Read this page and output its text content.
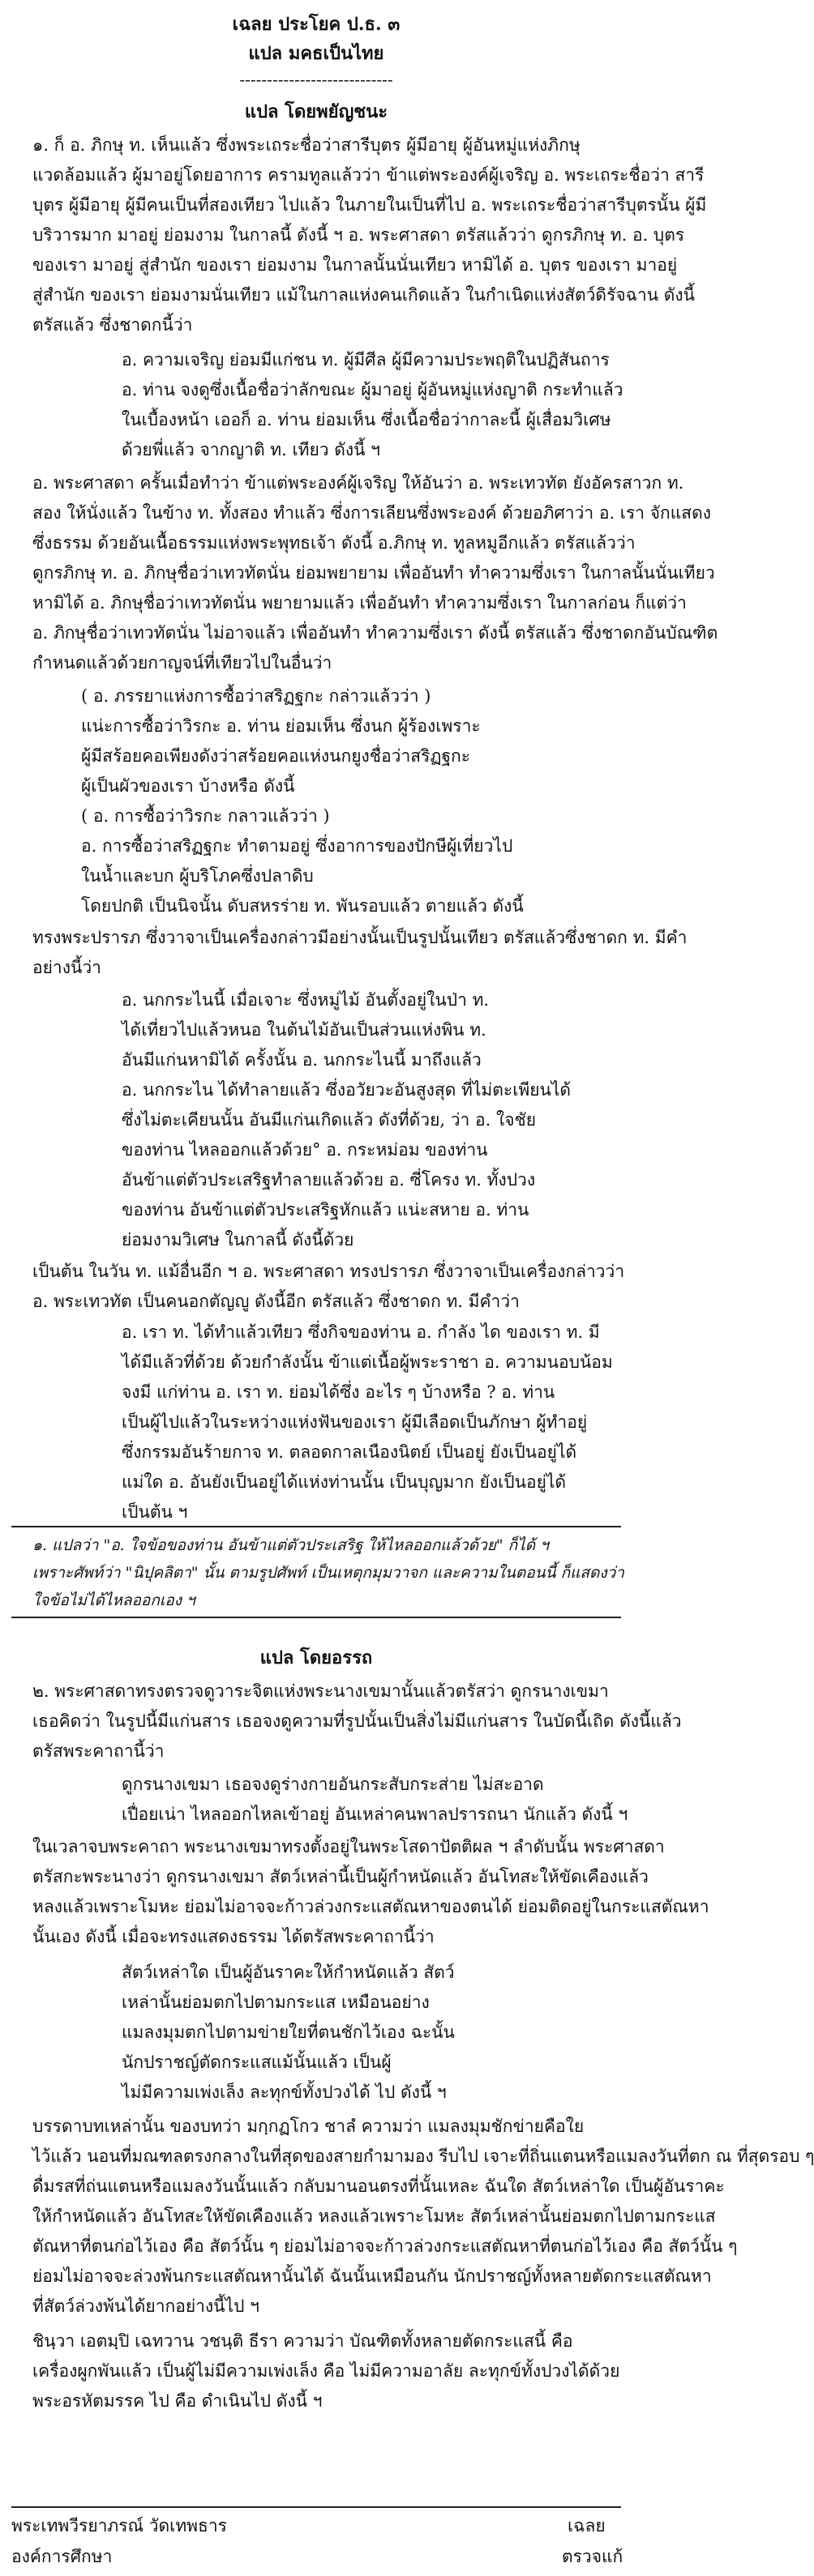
เฉลย ประโยค ป.ธ. ๓
แปล มคธเป็นไทย
----------------------------
แปล โดยพยัญชนะ
๑. ก็ อ. ภิกษุ ท. เห็นแล้ว ซึ่งพระเถระชื่อว่าสารีบุตร ผู้มีอายุ ผู้อันหมู่แห่งภิกษุ
แวดล้อมแล้ว ผู้มาอยู่โดยอาการ ครามทูลแล้วว่า ข้าแต่พระองค์ผู้เจริญ อ. พระเถระชื่อว่า สารี
บุตร ผู้มีอายุ ผู้มีคนเป็นที่สองเทียว ไปแล้ว ในภายในเป็นที่ไป อ. พระเถระชื่อว่าสารีบุตรนั้น ผู้มี
บริวารมาก มาอยู่ ย่อมงาม ในกาลนี้ ดังนี้ ฯ อ. พระศาสดา ตรัสแล้วว่า ดูกรภิกษุ ท. อ. บุตร
ของเรา มาอยู่ สู่สำนัก ของเรา ย่อมงาม ในกาลนั้นนั่นเทียว หามิได้ อ. บุตร ของเรา มาอยู่
สู่สำนัก ของเรา ย่อมงามนั่นเทียว แม้ในกาลแห่งคนเกิดแล้ว ในกำเนิดแห่งสัตว์ดิรัจฉาน ดังนี้
ตรัสแล้ว ซึ่งชาดกนี้ว่า
อ. ความเจริญ ย่อมมีแก่ชน ท. ผู้มีศีล ผู้มีความประพฤติในปฏิสันถาร
อ. ท่าน จงดูซึ่งเนื้อชื่อว่าลักขณะ ผู้มาอยู่ ผู้อันหมู่แห่งญาติ กระทำแล้ว
ในเบื้องหน้า เออก็ อ. ท่าน ย่อมเห็น ซึ่งเนื้อชื่อว่ากาละนี้ ผู้เสื่อมวิเศษ
ด้วยพี่แล้ว จากญาติ ท. เทียว ดังนี้ ฯ
อ. พระศาสดา ครั้นเมื่อทำว่า ข้าแต่พระองค์ผู้เจริญ ให้อันว่า อ. พระเทวทัต ยังอัครสาวก ท.
สอง ให้นั่งแล้ว ในข้าง ท. ทั้งสอง ทำแล้ว ซึ่งการเลียนซึ่งพระองค์ ด้วยอภิศาว่า อ. เรา จักแสดง
ซึ่งธรรม ด้วยอันเนื้อธรรมแห่งพระพุทธเจ้า ดังนี้ อ.ภิกษุ ท. ทูลหมูอีกแล้ว ตรัสแล้วว่า
ดูกรภิกษุ ท. อ. ภิกษุชื่อว่าเทวทัตนั่น ย่อมพยายาม เพื่ออันทำ ทำความซึ่งเรา ในกาลนั้นนั่นเทียว
หามิได้ อ. ภิกษุชื่อว่าเทวทัตนั่น พยายามแล้ว เพื่ออันทำ ทำความซึ่งเรา ในกาลก่อน ก็แต่ว่า
อ. ภิกษุชื่อว่าเทวทัตนั่น ไม่อาจแล้ว เพื่ออันทำ ทำความซึ่งเรา ดังนี้ ตรัสแล้ว ซึ่งชาดกอันบัณฑิต
กำหนดแล้วด้วยกาญจน์ที่เทียวไปในอื่นว่า
( อ. ภรรยาแห่งการซื้อว่าสริฏฐกะ กล่าวแล้วว่า )
แน่ะการซื้อว่าวิรกะ อ. ท่าน ย่อมเห็น ซึ่งนก ผู้ร้องเพราะ
ผู้มีสร้อยคอเพียงดังว่าสร้อยคอแห่งนกยูงชื่อว่าสริฏฐกะ
ผู้เป็นผัวของเรา บ้างหรือ ดังนี้
( อ. การซื้อว่าวิรกะ กลาวแล้วว่า )
อ. การซื้อว่าสริฏฐกะ ทำตามอยู่ ซึ่งอาการของปักษีผู้เที่ยวไป
ในน้ำและบก ผู้บริโภคซึ่งปลาดิบ
โดยปกติ เป็นนิจนั้น ดับสหรร่าย ท. พันรอบแล้ว ตายแล้ว ดังนี้
ทรงพระปรารภ ซึ่งวาจาเป็นเครื่องกล่าวมีอย่างนั้นเป็นรูปนั้นเทียว ตรัสแล้วซึ่งชาดก ท. มีคำ
อย่างนี้ว่า
อ. นกกระไนนี้ เมื่อเจาะ ซึ่งหมู่ไม้ อันตั้งอยู่ในป่า ท.
ได้เที่ยวไปแล้วหนอ ในต้นไม้อันเป็นส่วนแห่งพิน ท.
อันมีแก่นหามิได้ ครั้งนั้น อ. นกกระไนนี้ มาถึงแล้ว
อ. นกกระไน ได้ทำลายแล้ว ซึ่งอวัยวะอันสูงสุด ที่ไม่ตะเพียนได้
ซึ่งไม่ตะเคียนนั้น อันมีแก่นเกิดแล้ว ดังที่ด้วย, ว่า อ. ใจชัย
ของท่าน ไหลออกแล้วด้วย° อ. กระหม่อม ของท่าน
อันข้าแต่ตัวประเสริฐทำลายแล้วด้วย อ. ซี่โครง ท. ทั้งปวง
ของท่าน อันข้าแต่ตัวประเสริฐหักแล้ว แน่ะสหาย อ. ท่าน
ย่อมงามวิเศษ ในกาลนี้ ดังนี้ด้วย
เป็นต้น ในวัน ท. แม้อื่นอีก ฯ อ. พระศาสดา ทรงปรารภ ซึ่งวาจาเป็นเครื่องกล่าวว่า
อ. พระเทวทัต เป็นคนอกตัญญู ดังนี้อีก ตรัสแล้ว ซึ่งชาดก ท. มีคำว่า
อ. เรา ท. ได้ทำแล้วเทียว ซึ่งกิจของท่าน อ. กำลัง ได ของเรา ท. มี
ได้มีแล้วที่ด้วย ด้วยกำลังนั้น ข้าแต่เนื้อผู้พระราชา อ. ความนอบน้อม
จงมี แก่ท่าน อ. เรา ท. ย่อมได้ซึ่ง อะไร ๆ บ้างหรือ ? อ. ท่าน
เป็นผู้ไปแล้วในระหว่างแห่งฟันของเรา ผู้มีเลือดเป็นภักษา ผู้ทำอยู่
ซึ่งกรรมอันร้ายกาจ ท. ตลอดกาลเนืองนิตย์ เป็นอยู่ ยังเป็นอยู่ได้
แม่ใด อ. อันยังเป็นอยู่ได้แห่งท่านนั้น เป็นบุญมาก ยังเป็นอยู่ได้
เป็นต้น ฯ
๑. แปลว่า "อ. ใจข้อของท่าน อันข้าแต่ตัวประเสริฐ ให้ไหลออกแล้วด้วย" ก็ได้ ฯ
เพราะศัพท์ว่า "นิปุคลิตา" นั้น ตามรูปศัพท์ เป็นเหตุกมุมวาจก และความในตอนนี้ ก็แสดงว่า
ใจข้อไม่ได้ไหลออกเอง ฯ
แปล โดยอรรถ
๒. พระศาสดาทรงตรวจดูวาระจิตแห่งพระนางเขมานั้นแล้วตรัสว่า ดูกรนางเขมา
เธอคิดว่า ในรูปนี้มีแก่นสาร เธอจงดูความที่รูปนั้นเป็นสิ่งไม่มีแก่นสาร ในบัดนี้เถิด ดังนี้แล้ว
ตรัสพระคาถานี้ว่า
ดูกรนางเขมา เธอจงดูร่างกายอันกระสับกระส่าย ไม่สะอาด
เปื่อยเน่า ไหลออกไหลเข้าอยู่ อันเหล่าคนพาลปรารถนา นักแล้ว ดังนี้ ฯ
ในเวลาจบพระคาถา พระนางเขมาทรงตั้งอยู่ในพระโสดาปัตติผล ฯ ลำดับนั้น พระศาสดา
ตรัสกะพระนางว่า ดูกรนางเขมา สัตว์เหล่านี้เป็นผู้กำหนัดแล้ว อันโทสะให้ขัดเคืองแล้ว
หลงแล้วเพราะโมหะ ย่อมไม่อาจจะก้าวล่วงกระแสตัณหาของตนได้ ย่อมติดอยู่ในกระแสตัณหา
นั้นเอง ดังนี้ เมื่อจะทรงแสดงธรรม ได้ตรัสพระคาถานี้ว่า
สัตว์เหล่าใด เป็นผู้อันราคะให้กำหนัดแล้ว สัตว์
เหล่านั้นย่อมตกไปตามกระแส เหมือนอย่าง
แมลงมุมตกไปตามข่ายใยที่ตนชักไว้เอง ฉะนั้น
นักปราชญ์ตัดกระแสแม้นั้นแล้ว เป็นผู้
ไม่มีความเพ่งเล็ง ละทุกข์ทั้งปวงได้ ไป ดังนี้ ฯ
บรรดาบทเหล่านั้น ของบทว่า มกฺกฏโกว ชาลํ ความว่า แมลงมุมชักข่ายคือใย
ไว้แล้ว นอนที่มณฑลตรงกลางในที่สุดของสายกำมามอง รีบไป เจาะที่ถิ่นแตนหรือแมลงวันที่ตก ณ ที่สุดรอบ ๆ
ดื่มรสที่ถ่นแตนหรือแมลงวันนั้นแล้ว กลับมานอนตรงที่นั้นเหละ ฉันใด สัตว์เหล่าใด เป็นผู้อันราคะ
ให้กำหนัดแล้ว อันโทสะให้ขัดเคืองแล้ว หลงแล้วเพราะโมหะ สัตว์เหล่านั้นย่อมตกไปตามกระแส
ตัณหาที่ตนก่อไว้เอง คือ สัตว์นั้น ๆ ย่อมไม่อาจจะก้าวล่วงกระแสตัณหาที่ตนก่อไว้เอง คือ สัตว์นั้น ๆ
ย่อมไม่อาจจะล่วงพ้นกระแสตัณหานั้นได้ ฉันนั้นเหมือนกัน นักปราชญ์ทั้งหลายตัดกระแสตัณหา
ที่สัตว์ล่วงพ้นได้ยากอย่างนี้ไป ฯ
ชินฺวา เอตมฺปิ เฉทวาน วชนฺติ ธีรา ความว่า บัณฑิตทั้งหลายตัดกระแสนี้ คือ
เครื่องผูกพันแล้ว เป็นผู้ไม่มีความเพ่งเล็ง คือ ไม่มีความอาลัย ละทุกข์ทั้งปวงได้ด้วย
พระอรหัตมรรค ไป คือ ดำเนินไป ดังนี้ ฯ
พระเทพวีรยาภรณ์ วัดเทพธาร
องค์การศึกษา
เฉลย
ตรวจแก้
